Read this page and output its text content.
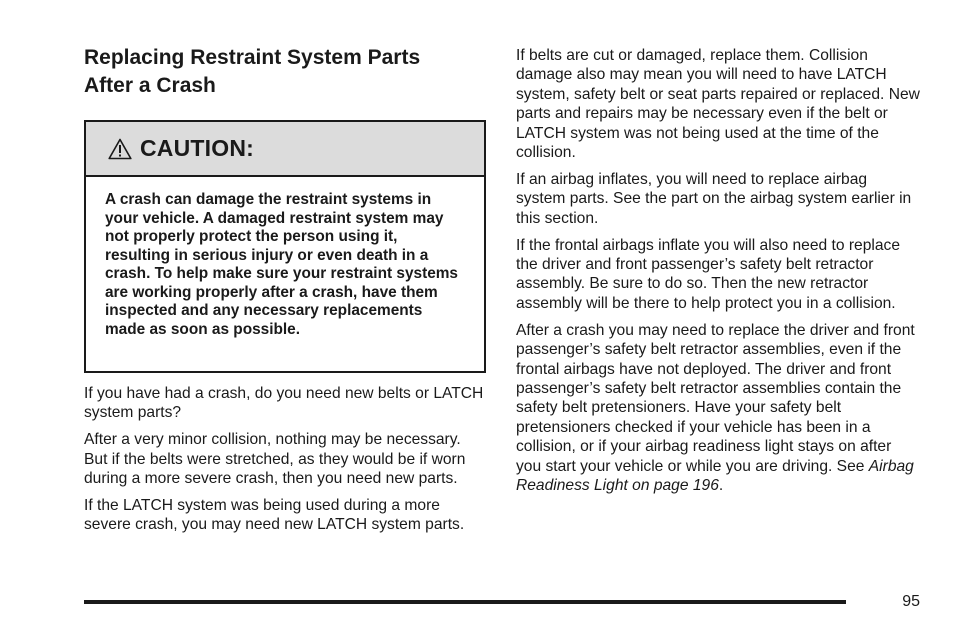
Replacing Restraint System Parts
After a Crash
CAUTION:
A crash can damage the restraint systems in your vehicle. A damaged restraint system may not properly protect the person using it, resulting in serious injury or even death in a crash. To help make sure your restraint systems are working properly after a crash, have them inspected and any necessary replacements made as soon as possible.

If you have had a crash, do you need new belts or LATCH system parts?

After a very minor collision, nothing may be necessary. But if the belts were stretched, as they would be if worn during a more severe crash, then you need new parts.

If the LATCH system was being used during a more severe crash, you may need new LATCH system parts.

If belts are cut or damaged, replace them. Collision damage also may mean you will need to have LATCH system, safety belt or seat parts repaired or replaced. New parts and repairs may be necessary even if the belt or LATCH system was not being used at the time of the collision.

If an airbag inflates, you will need to replace airbag system parts. See the part on the airbag system earlier in this section.

If the frontal airbags inflate you will also need to replace the driver and front passenger’s safety belt retractor assembly. Be sure to do so. Then the new retractor assembly will be there to help protect you in a collision.

After a crash you may need to replace the driver and front passenger’s safety belt retractor assemblies, even if the frontal airbags have not deployed. The driver and front passenger’s safety belt retractor assemblies contain the safety belt pretensioners. Have your safety belt pretensioners checked if your vehicle has been in a collision, or if your airbag readiness light stays on after you start your vehicle or while you are driving. See Airbag Readiness Light on page 196.

95
